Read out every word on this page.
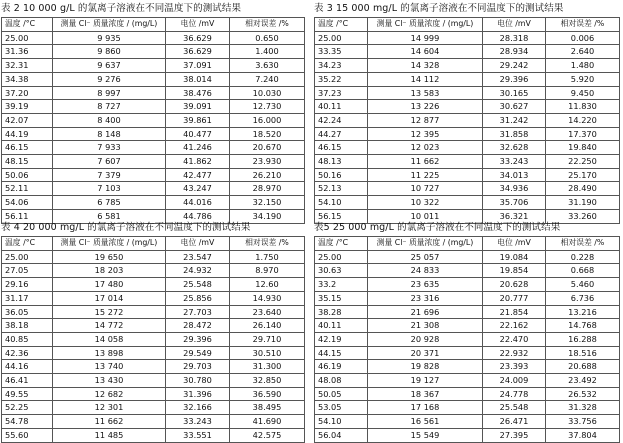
表 2 10 000 g/L 的氯离子溶液在不同温度下的测试结果
温度 /°C	测量 Cl⁻ 质量浓度 / (mg/L)	电位 /mV	相对误差 /%
25.00	9 935	36.629	0.650
31.36	9 860	36.629	1.400
32.31	9 637	37.091	3.630
34.38	9 276	38.014	7.240
37.20	8 997	38.476	10.030
39.19	8 727	39.091	12.730
42.07	8 400	39.861	16.000
44.19	8 148	40.477	18.520
46.15	7 933	41.246	20.670
48.15	7 607	41.862	23.930
50.06	7 379	42.477	26.210
52.11	7 103	43.247	28.970
54.06	6 785	44.016	32.150
56.11	6 581	44.786	34.190
表 3 15 000 mg/L 的氯离子溶液在不同温度下的测试结果
温度 /°C	测量 Cl⁻ 质量浓度 / (mg/L)	电位 /mV	相对误差 /%
25.00	14 999	28.318	0.006
33.35	14 604	28.934	2.640
34.23	14 328	29.242	1.480
35.22	14 112	29.396	5.920
37.23	13 583	30.165	9.450
40.11	13 226	30.627	11.830
42.24	12 877	31.242	14.220
44.27	12 395	31.858	17.370
46.15	12 023	32.628	19.840
48.13	11 662	33.243	22.250
50.16	11 225	34.013	25.170
52.13	10 727	34.936	28.490
54.10	10 322	35.706	31.190
56.15	10 011	36.321	33.260
表 4 20 000 mg/L 的氯离子溶液在不同温度下的测试结果
温度 /°C	测量 Cl⁻ 质量浓度 / (mg/L)	电位 /mV	相对误差 /%
25.00	19 650	23.547	1.750
27.05	18 203	24.932	8.970
29.16	17 480	25.548	12.60
31.17	17 014	25.856	14.930
36.05	15 272	27.703	23.640
38.18	14 772	28.472	26.140
40.85	14 058	29.396	29.710
42.36	13 898	29.549	30.510
44.16	13 740	29.703	31.300
46.41	13 430	30.780	32.850
49.55	12 682	31.396	36.590
52.25	12 301	32.166	38.495
54.78	11 662	33.243	41.690
55.60	11 485	33.551	42.575
表5 25 000 mg/L 的氯离子溶液在不同温度下的测试结果
温度 /°C	测量 Cl⁻ 质量浓度 / (mg/L)	电位 /mV	相对误差 /%
25.00	25 057	19.084	0.228
30.63	24 833	19.854	0.668
33.2	23 635	20.628	5.460
35.15	23 316	20.777	6.736
38.28	21 696	21.854	13.216
40.11	21 308	22.162	14.768
42.19	20 928	22.470	16.288
44.15	20 371	22.932	18.516
46.19	19 828	23.393	20.688
48.08	19 127	24.009	23.492
50.05	18 367	24.778	26.532
53.05	17 168	25.548	31.328
54.10	16 561	26.471	33.756
56.04	15 549	27.395	37.804
